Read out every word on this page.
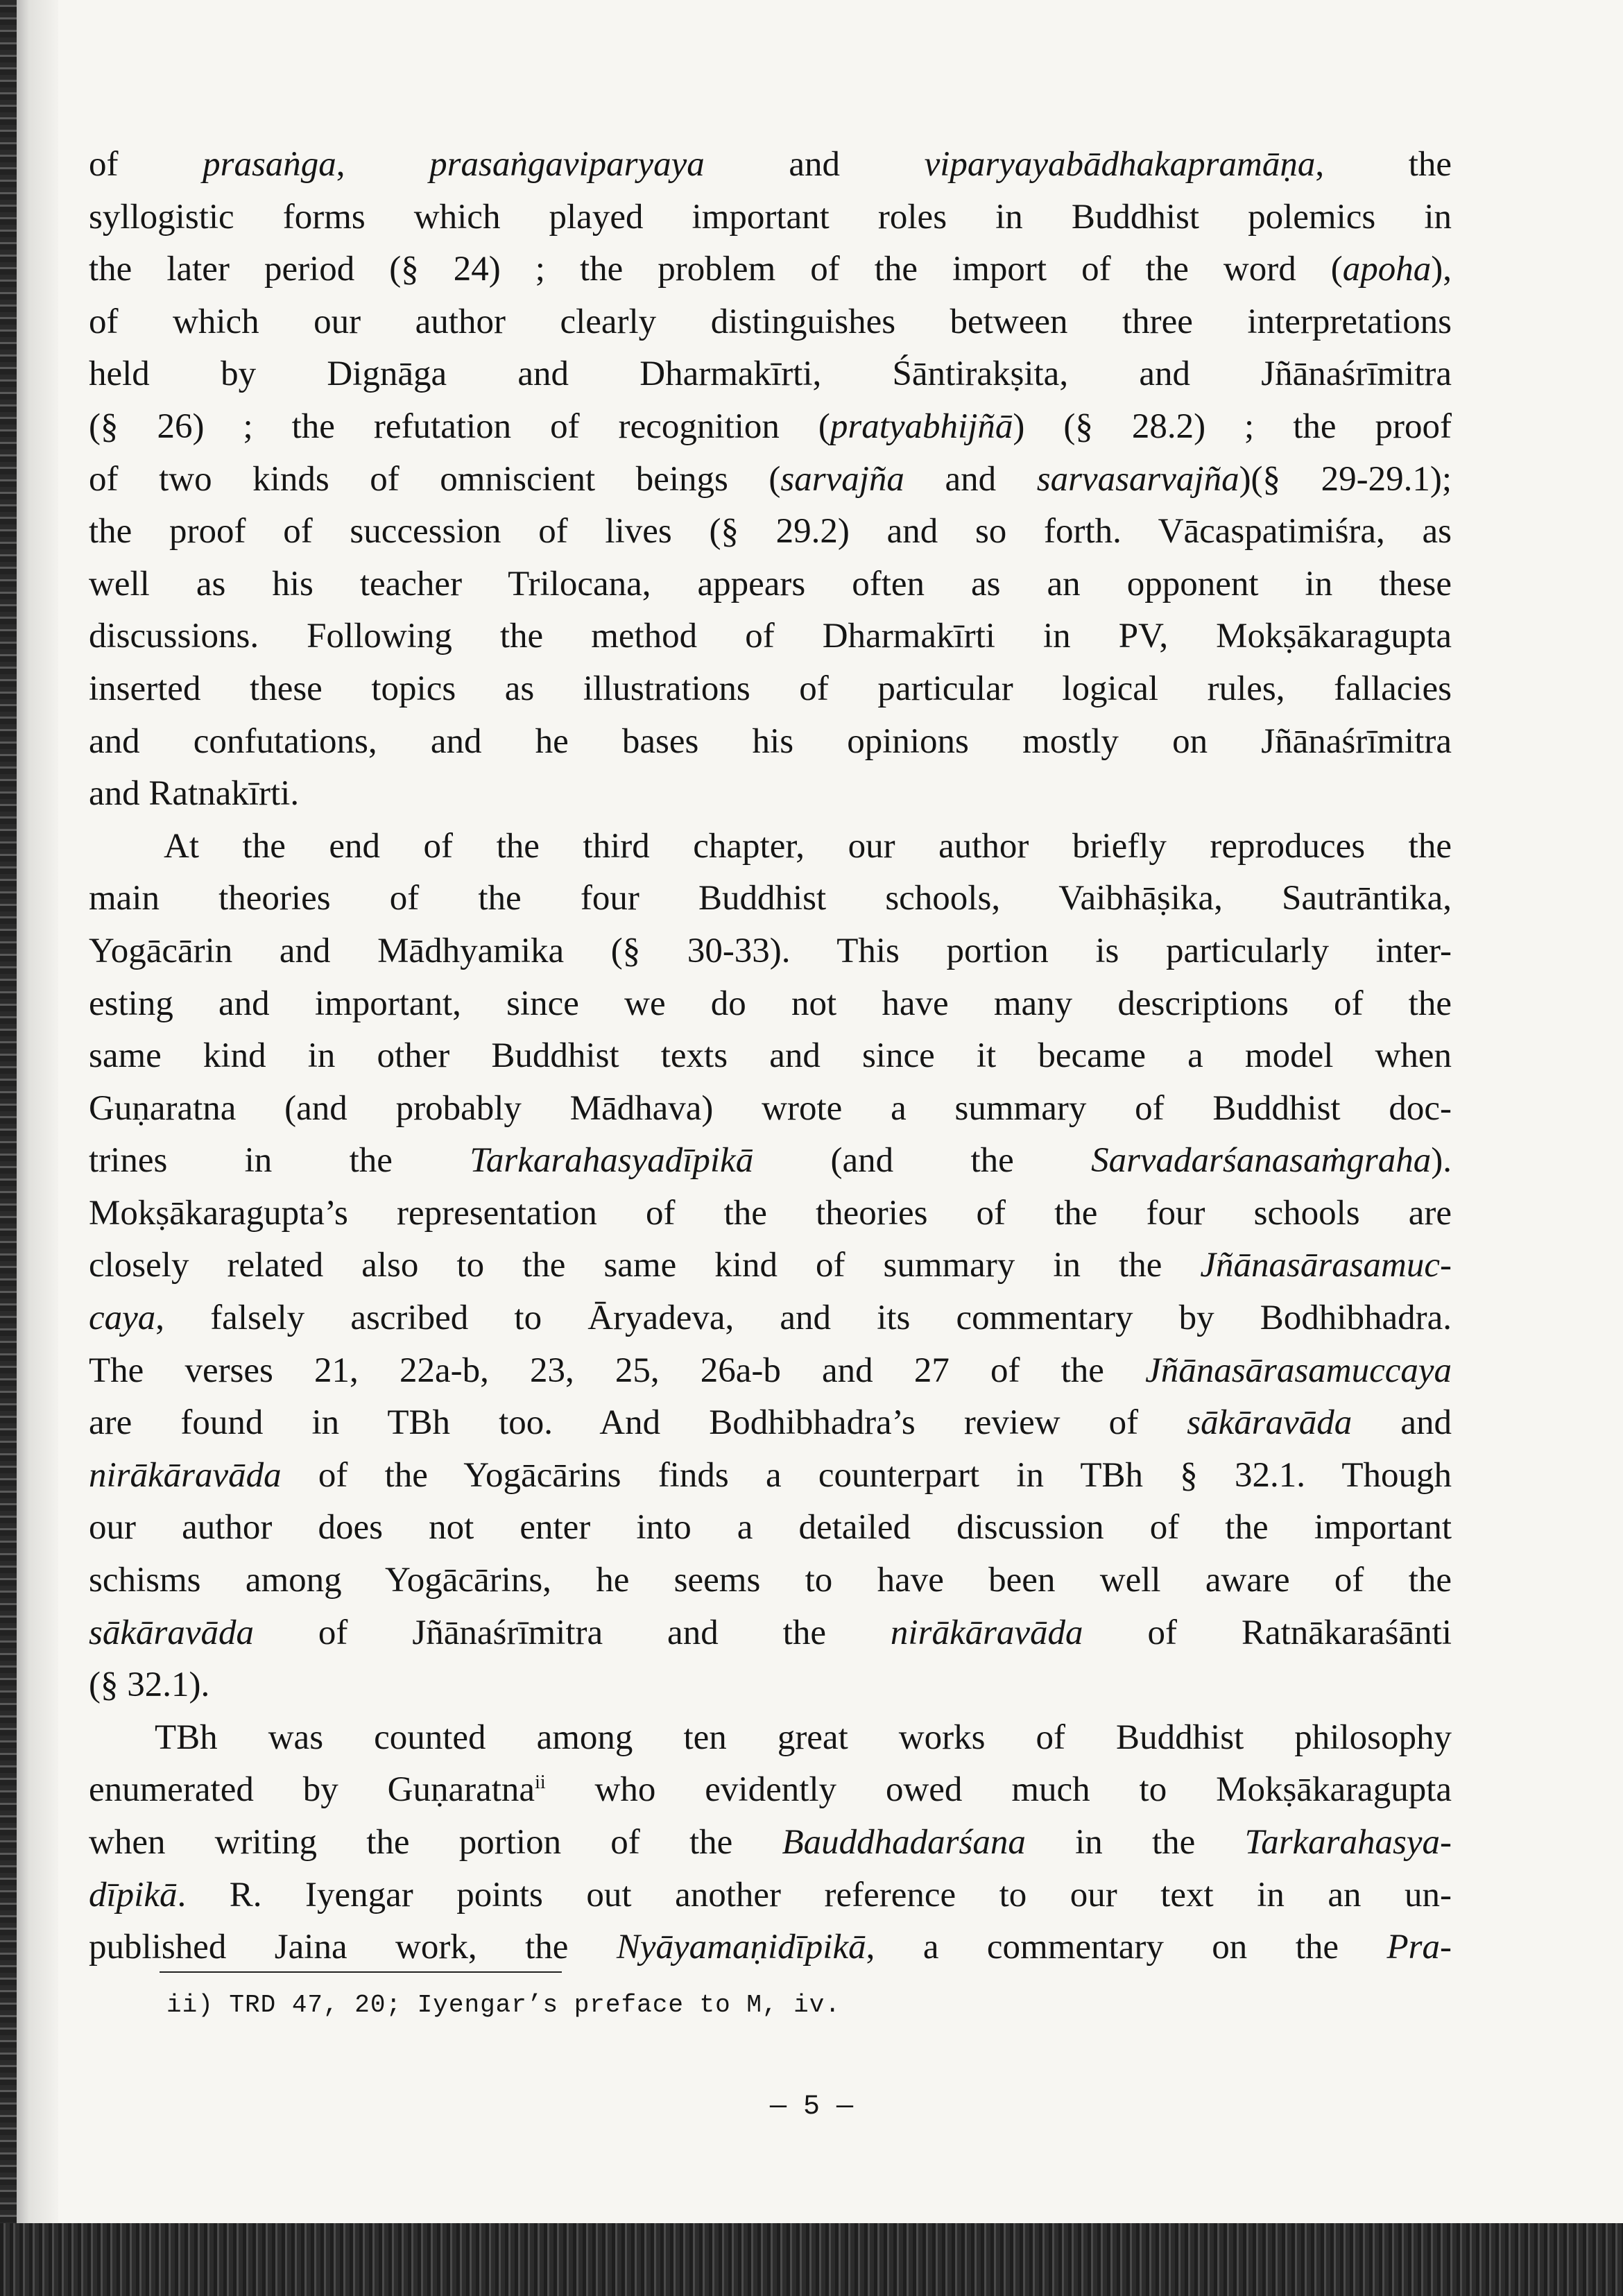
of prasaṅga, prasaṅgaviparyaya and viparyayabādhakapramāṇa, the
syllogistic forms which played important roles in Buddhist polemics in
the later period (§ 24) ; the problem of the import of the word (apoha),
of which our author clearly distinguishes between three interpretations
held by Dignāga and Dharmakīrti, Śāntirakṣita, and Jñānaśrīmitra
(§ 26) ; the refutation of recognition (pratyabhijñā) (§ 28.2) ; the proof
of two kinds of omniscient beings (sarvajña and sarvasarvajña)(§ 29-29.1);
the proof of succession of lives (§ 29.2) and so forth. Vācaspatimiśra, as
well as his teacher Trilocana, appears often as an opponent in these
discussions. Following the method of Dharmakīrti in PV, Mokṣākaragupta
inserted these topics as illustrations of particular logical rules, fallacies
and confutations, and he bases his opinions mostly on Jñānaśrīmitra
and Ratnakīrti.
At the end of the third chapter, our author briefly reproduces the
main theories of the four Buddhist schools, Vaibhāṣika, Sautrāntika,
Yogācārin and Mādhyamika (§ 30-33). This portion is particularly inter-
esting and important, since we do not have many descriptions of the
same kind in other Buddhist texts and since it became a model when
Guṇaratna (and probably Mādhava) wrote a summary of Buddhist doc-
trines in the Tarkarahasyadīpikā (and the Sarvadarśanasaṁgraha).
Mokṣākaragupta’s representation of the theories of the four schools are
closely related also to the same kind of summary in the Jñānasārasamuc-
caya, falsely ascribed to Āryadeva, and its commentary by Bodhibhadra.
The verses 21, 22a-b, 23, 25, 26a-b and 27 of the Jñānasārasamuccaya
are found in TBh too. And Bodhibhadra’s review of sākāravāda and
nirākāravāda of the Yogācārins finds a counterpart in TBh § 32.1. Though
our author does not enter into a detailed discussion of the important
schisms among Yogācārins, he seems to have been well aware of the
sākāravāda of Jñānaśrīmitra and the nirākāravāda of Ratnākaraśānti
(§ 32.1).
TBh was counted among ten great works of Buddhist philosophy
enumerated by Guṇaratna$^{ii}$ who evidently owed much to Mokṣākaragupta
when writing the portion of the Bauddhadarśana in the Tarkarahasya-
dīpikā. R. Iyengar points out another reference to our text in an un-
published Jaina work, the Nyāyamaṇidīpikā, a commentary on the Pra-
ii) TRD 47, 20; Iyengar’s preface to M, iv.
— 5 —
